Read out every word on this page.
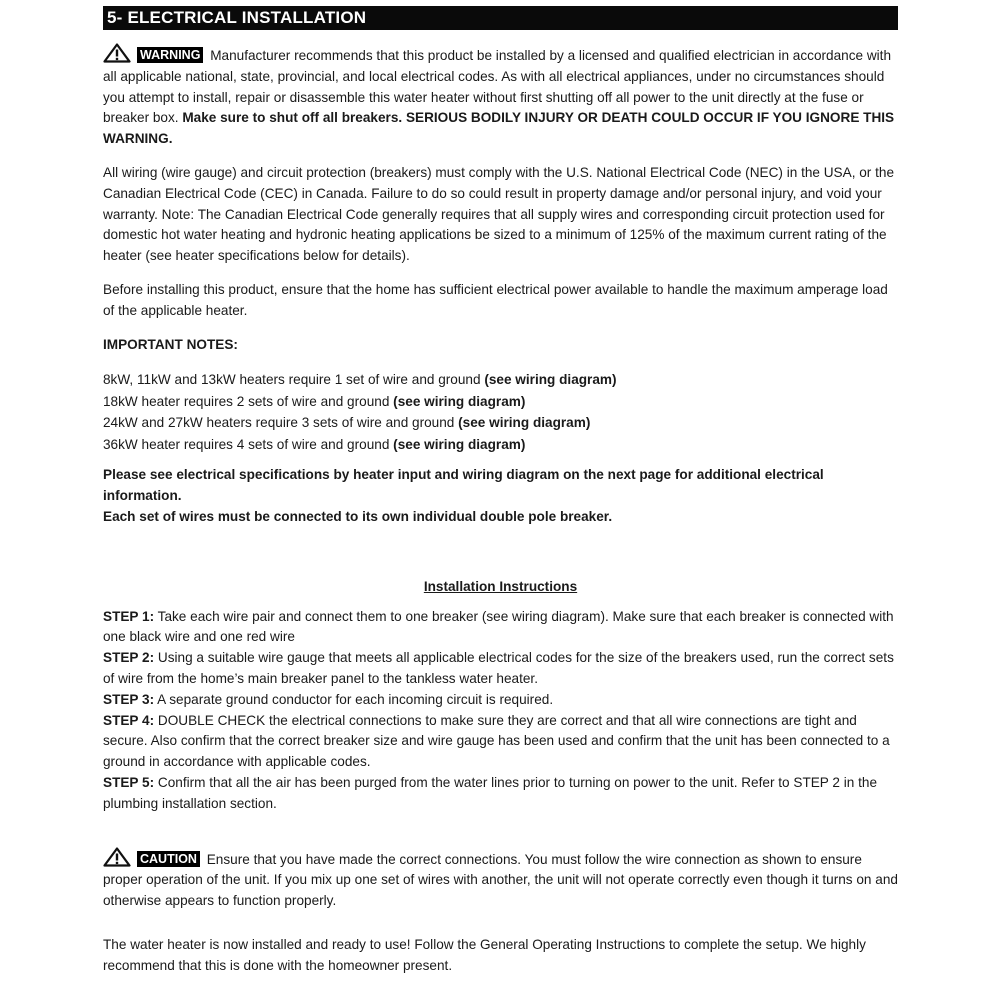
5- ELECTRICAL INSTALLATION

WARNING Manufacturer recommends that this product be installed by a licensed and qualified electrician in accordance with all applicable national, state, provincial, and local electrical codes. As with all electrical appliances, under no circumstances should you attempt to install, repair or disassemble this water heater without first shutting off all power to the unit directly at the fuse or breaker box. Make sure to shut off all breakers. SERIOUS BODILY INJURY OR DEATH COULD OCCUR IF YOU IGNORE THIS WARNING.

All wiring (wire gauge) and circuit protection (breakers) must comply with the U.S. National Electrical Code (NEC) in the USA, or the Canadian Electrical Code (CEC) in Canada. Failure to do so could result in property damage and/or personal injury, and void your warranty. Note: The Canadian Electrical Code generally requires that all supply wires and corresponding circuit protection used for domestic hot water heating and hydronic heating applications be sized to a minimum of 125% of the maximum current rating of the heater (see heater specifications below for details).

Before installing this product, ensure that the home has sufficient electrical power available to handle the maximum amperage load of the applicable heater.

IMPORTANT NOTES:

8kW, 11kW and 13kW heaters require 1 set of wire and ground (see wiring diagram)

18kW heater requires 2 sets of wire and ground (see wiring diagram)

24kW and 27kW heaters require 3 sets of wire and ground (see wiring diagram)

36kW heater requires 4 sets of wire and ground (see wiring diagram)

Please see electrical specifications by heater input and wiring diagram on the next page for additional electrical information.

Each set of wires must be connected to its own individual double pole breaker.

Installation Instructions

STEP 1: Take each wire pair and connect them to one breaker (see wiring diagram). Make sure that each breaker is connected with one black wire and one red wire

STEP 2: Using a suitable wire gauge that meets all applicable electrical codes for the size of the breakers used, run the correct sets of wire from the home’s main breaker panel to the tankless water heater.

STEP 3: A separate ground conductor for each incoming circuit is required.

STEP 4: DOUBLE CHECK the electrical connections to make sure they are correct and that all wire connections are tight and secure. Also confirm that the correct breaker size and wire gauge has been used and confirm that the unit has been connected to a ground in accordance with applicable codes.

STEP 5: Confirm that all the air has been purged from the water lines prior to turning on power to the unit. Refer to STEP 2 in the plumbing installation section.

CAUTION Ensure that you have made the correct connections. You must follow the wire connection as shown to ensure proper operation of the unit. If you mix up one set of wires with another, the unit will not operate correctly even though it turns on and otherwise appears to function properly.

The water heater is now installed and ready to use! Follow the General Operating Instructions to complete the setup. We highly recommend that this is done with the homeowner present.
